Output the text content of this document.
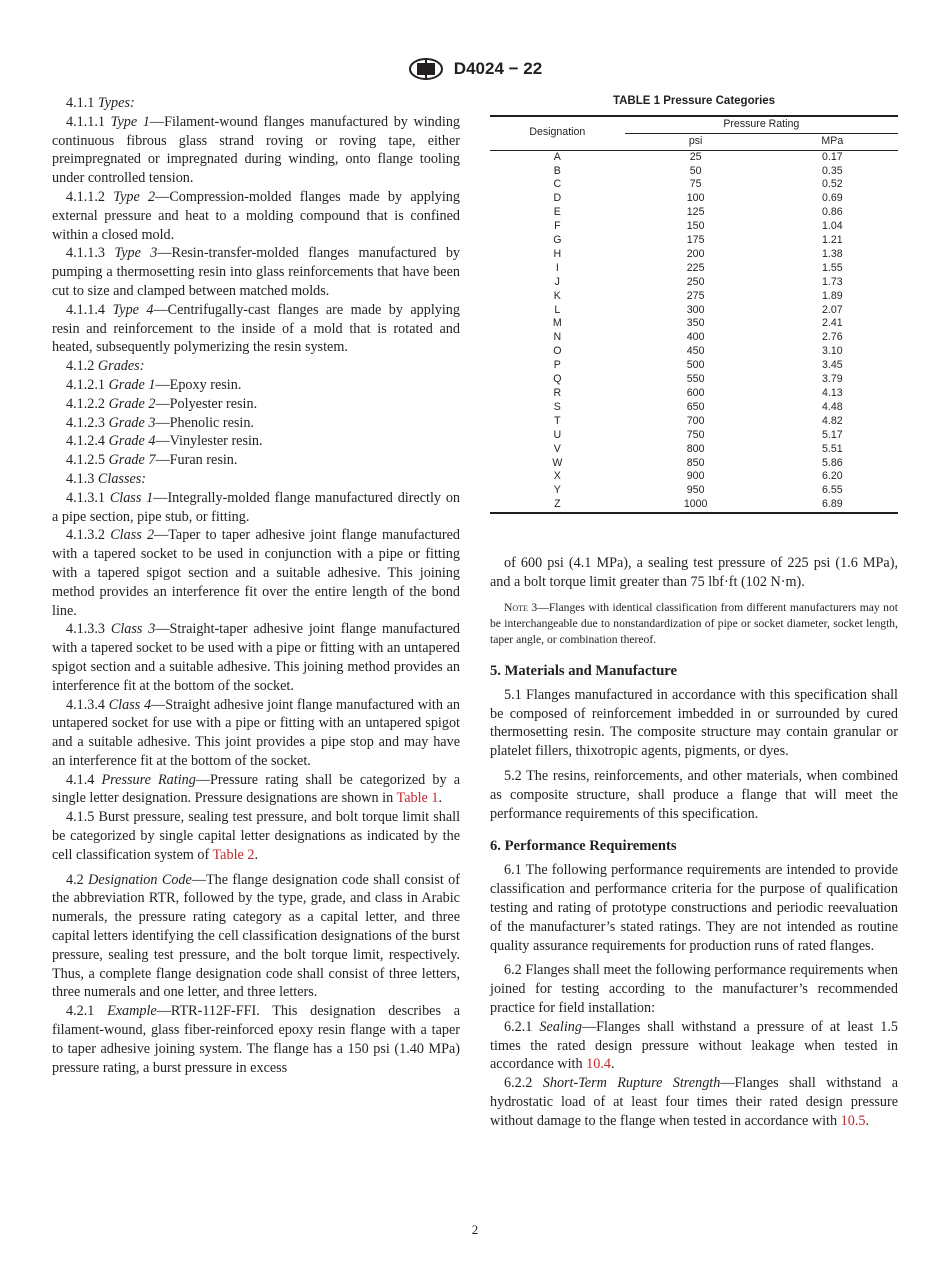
D4024 − 22

4.1.1 Types:

4.1.1.1 Type 1—Filament-wound flanges manufactured by winding continuous fibrous glass strand roving or roving tape, either preimpregnated or impregnated during winding, onto flange tooling under controlled tension.

4.1.1.2 Type 2—Compression-molded flanges made by applying external pressure and heat to a molding compound that is confined within a closed mold.

4.1.1.3 Type 3—Resin-transfer-molded flanges manufactured by pumping a thermosetting resin into glass reinforcements that have been cut to size and clamped between matched molds.

4.1.1.4 Type 4—Centrifugally-cast flanges are made by applying resin and reinforcement to the inside of a mold that is rotated and heated, subsequently polymerizing the resin system.

4.1.2 Grades:

4.1.2.1 Grade 1—Epoxy resin.

4.1.2.2 Grade 2—Polyester resin.

4.1.2.3 Grade 3—Phenolic resin.

4.1.2.4 Grade 4—Vinylester resin.

4.1.2.5 Grade 7—Furan resin.

4.1.3 Classes:

4.1.3.1 Class 1—Integrally-molded flange manufactured directly on a pipe section, pipe stub, or fitting.

4.1.3.2 Class 2—Taper to taper adhesive joint flange manufactured with a tapered socket to be used in conjunction with a pipe or fitting with a tapered spigot section and a suitable adhesive. This joining method provides an interference fit over the entire length of the bond line.

4.1.3.3 Class 3—Straight-taper adhesive joint flange manufactured with a tapered socket to be used with a pipe or fitting with an untapered spigot section and a suitable adhesive. This joining method provides an interference fit at the bottom of the socket.

4.1.3.4 Class 4—Straight adhesive joint flange manufactured with an untapered socket for use with a pipe or fitting with an untapered spigot and a suitable adhesive. This joint provides a pipe stop and may have an interference fit at the bottom of the socket.

4.1.4 Pressure Rating—Pressure rating shall be categorized by a single letter designation. Pressure designations are shown in Table 1.

4.1.5 Burst pressure, sealing test pressure, and bolt torque limit shall be categorized by single capital letter designations as indicated by the cell classification system of Table 2.

4.2 Designation Code—The flange designation code shall consist of the abbreviation RTR, followed by the type, grade, and class in Arabic numerals, the pressure rating category as a capital letter, and three capital letters identifying the cell classification designations of the burst pressure, sealing test pressure, and the bolt torque limit, respectively. Thus, a complete flange designation code shall consist of three letters, three numerals and one letter, and three letters.

4.2.1 Example—RTR-112F-FFI. This designation describes a filament-wound, glass fiber-reinforced epoxy resin flange with a taper to taper adhesive joining system. The flange has a 150 psi (1.40 MPa) pressure rating, a burst pressure in excess

TABLE 1 Pressure Categories
Designation	Pressure Rating	
	psi	MPa
A	25	0.17
B	50	0.35
C	75	0.52
D	100	0.69
E	125	0.86
F	150	1.04
G	175	1.21
H	200	1.38
I	225	1.55
J	250	1.73
K	275	1.89
L	300	2.07
M	350	2.41
N	400	2.76
O	450	3.10
P	500	3.45
Q	550	3.79
R	600	4.13
S	650	4.48
T	700	4.82
U	750	5.17
V	800	5.51
W	850	5.86
X	900	6.20
Y	950	6.55
Z	1000	6.89

of 600 psi (4.1 MPa), a sealing test pressure of 225 psi (1.6 MPa), and a bolt torque limit greater than 75 lbf·ft (102 N·m).

Note 3—Flanges with identical classification from different manufacturers may not be interchangeable due to nonstandardization of pipe or socket diameter, socket length, taper angle, or combination thereof.

5. Materials and Manufacture

5.1 Flanges manufactured in accordance with this specification shall be composed of reinforcement imbedded in or surrounded by cured thermosetting resin. The composite structure may contain granular or platelet fillers, thixotropic agents, pigments, or dyes.

5.2 The resins, reinforcements, and other materials, when combined as composite structure, shall produce a flange that will meet the performance requirements of this specification.

6. Performance Requirements

6.1 The following performance requirements are intended to provide classification and performance criteria for the purpose of qualification testing and rating of prototype constructions and periodic reevaluation of the manufacturer’s stated ratings. They are not intended as routine quality assurance requirements for production runs of rated flanges.

6.2 Flanges shall meet the following performance requirements when joined for testing according to the manufacturer’s recommended practice for field installation:

6.2.1 Sealing—Flanges shall withstand a pressure of at least 1.5 times the rated design pressure without leakage when tested in accordance with 10.4.

6.2.2 Short-Term Rupture Strength—Flanges shall withstand a hydrostatic load of at least four times their rated design pressure without damage to the flange when tested in accordance with 10.5.

2
